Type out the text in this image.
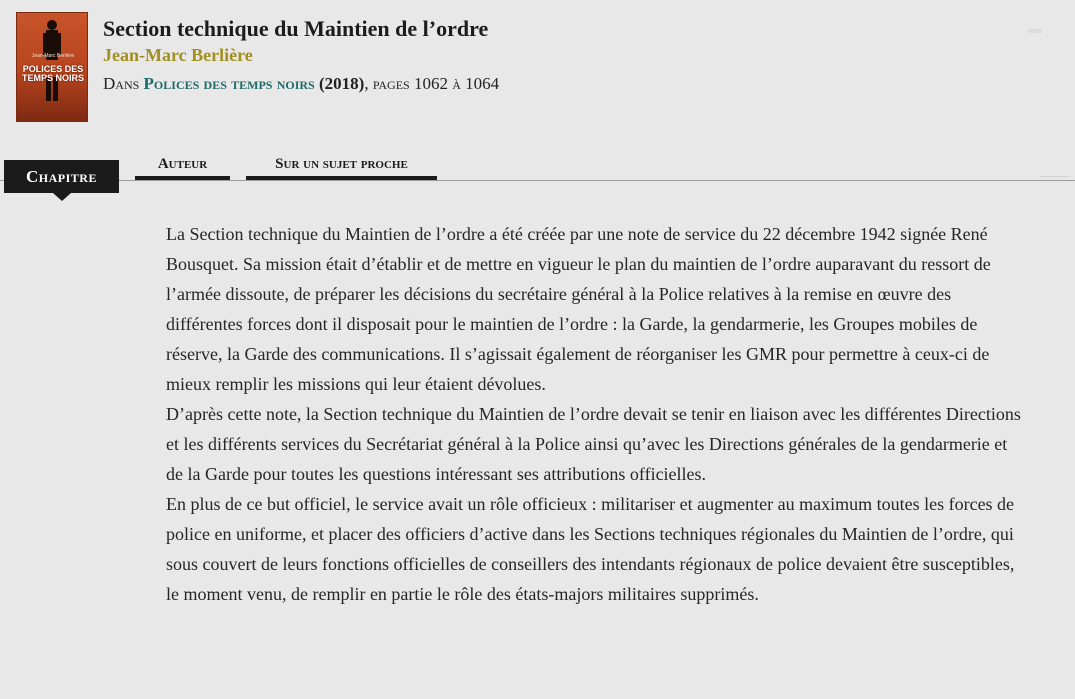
Jean-Marc Berlière
POLICES DES TEMPS NOIRS
Section technique du Maintien de l’ordre
Jean-Marc Berlière
Dans Polices des temps noirs (2018), pages 1062 à 1064
Chapitre
Auteur	Sur un sujet proche

La Section technique du Maintien de l’ordre a été créée par une note de service du 22 décembre 1942 signée René Bousquet. Sa mission était d’établir et de mettre en vigueur le plan du maintien de l’ordre auparavant du ressort de l’armée dissoute, de préparer les décisions du secrétaire général à la Police relatives à la remise en œuvre des différentes forces dont il disposait pour le maintien de l’ordre : la Garde, la gendarmerie, les Groupes mobiles de réserve, la Garde des communications. Il s’agissait également de réorganiser les GMR pour permettre à ceux-ci de mieux remplir les missions qui leur étaient dévolues.

D’après cette note, la Section technique du Maintien de l’ordre devait se tenir en liaison avec les différentes Directions et les différents services du Secrétariat général à la Police ainsi qu’avec les Directions générales de la gendarmerie et de la Garde pour toutes les questions intéressant ses attributions officielles.

En plus de ce but officiel, le service avait un rôle officieux : militariser et augmenter au maximum toutes les forces de police en uniforme, et placer des officiers d’active dans les Sections techniques régionales du Maintien de l’ordre, qui sous couvert de leurs fonctions officielles de conseillers des intendants régionaux de police devaient être susceptibles, le moment venu, de remplir en partie le rôle des états-majors militaires supprimés.
